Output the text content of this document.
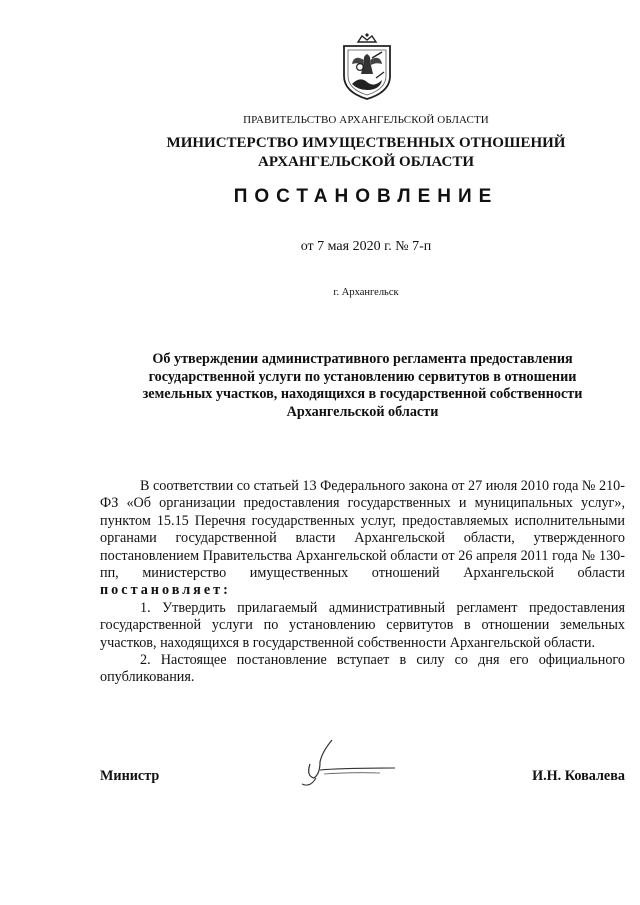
ПРАВИТЕЛЬСТВО АРХАНГЕЛЬСКОЙ ОБЛАСТИ
МИНИСТЕРСТВО ИМУЩЕСТВЕННЫХ ОТНОШЕНИЙ
АРХАНГЕЛЬСКОЙ ОБЛАСТИ
ПОСТАНОВЛЕНИЕ
от 7 мая 2020 г. № 7-п
г. Архангельск
Об утверждении административного регламента предоставления
государственной услуги по установлению сервитутов в отношении
земельных участков, находящихся в государственной собственности
Архангельской области

В соответствии со статьей 13 Федерального закона от 27 июля 2010 года № 210-ФЗ «Об организации предоставления государственных и муниципальных услуг», пунктом 15.15 Перечня государственных услуг, предоставляемых исполнительными органами государственной власти Архангельской области, утвержденного постановлением Правительства Архангельской области от 26 апреля 2011 года № 130-пп, министерство имущественных отношений Архангельской области постановляет:

1. Утвердить прилагаемый административный регламент предоставления государственной услуги по установлению сервитутов в отношении земельных участков, находящихся в государственной собственности Архангельской области.

2. Настоящее постановление вступает в силу со дня его официального опубликования.

Министр	И.Н. Ковалева
